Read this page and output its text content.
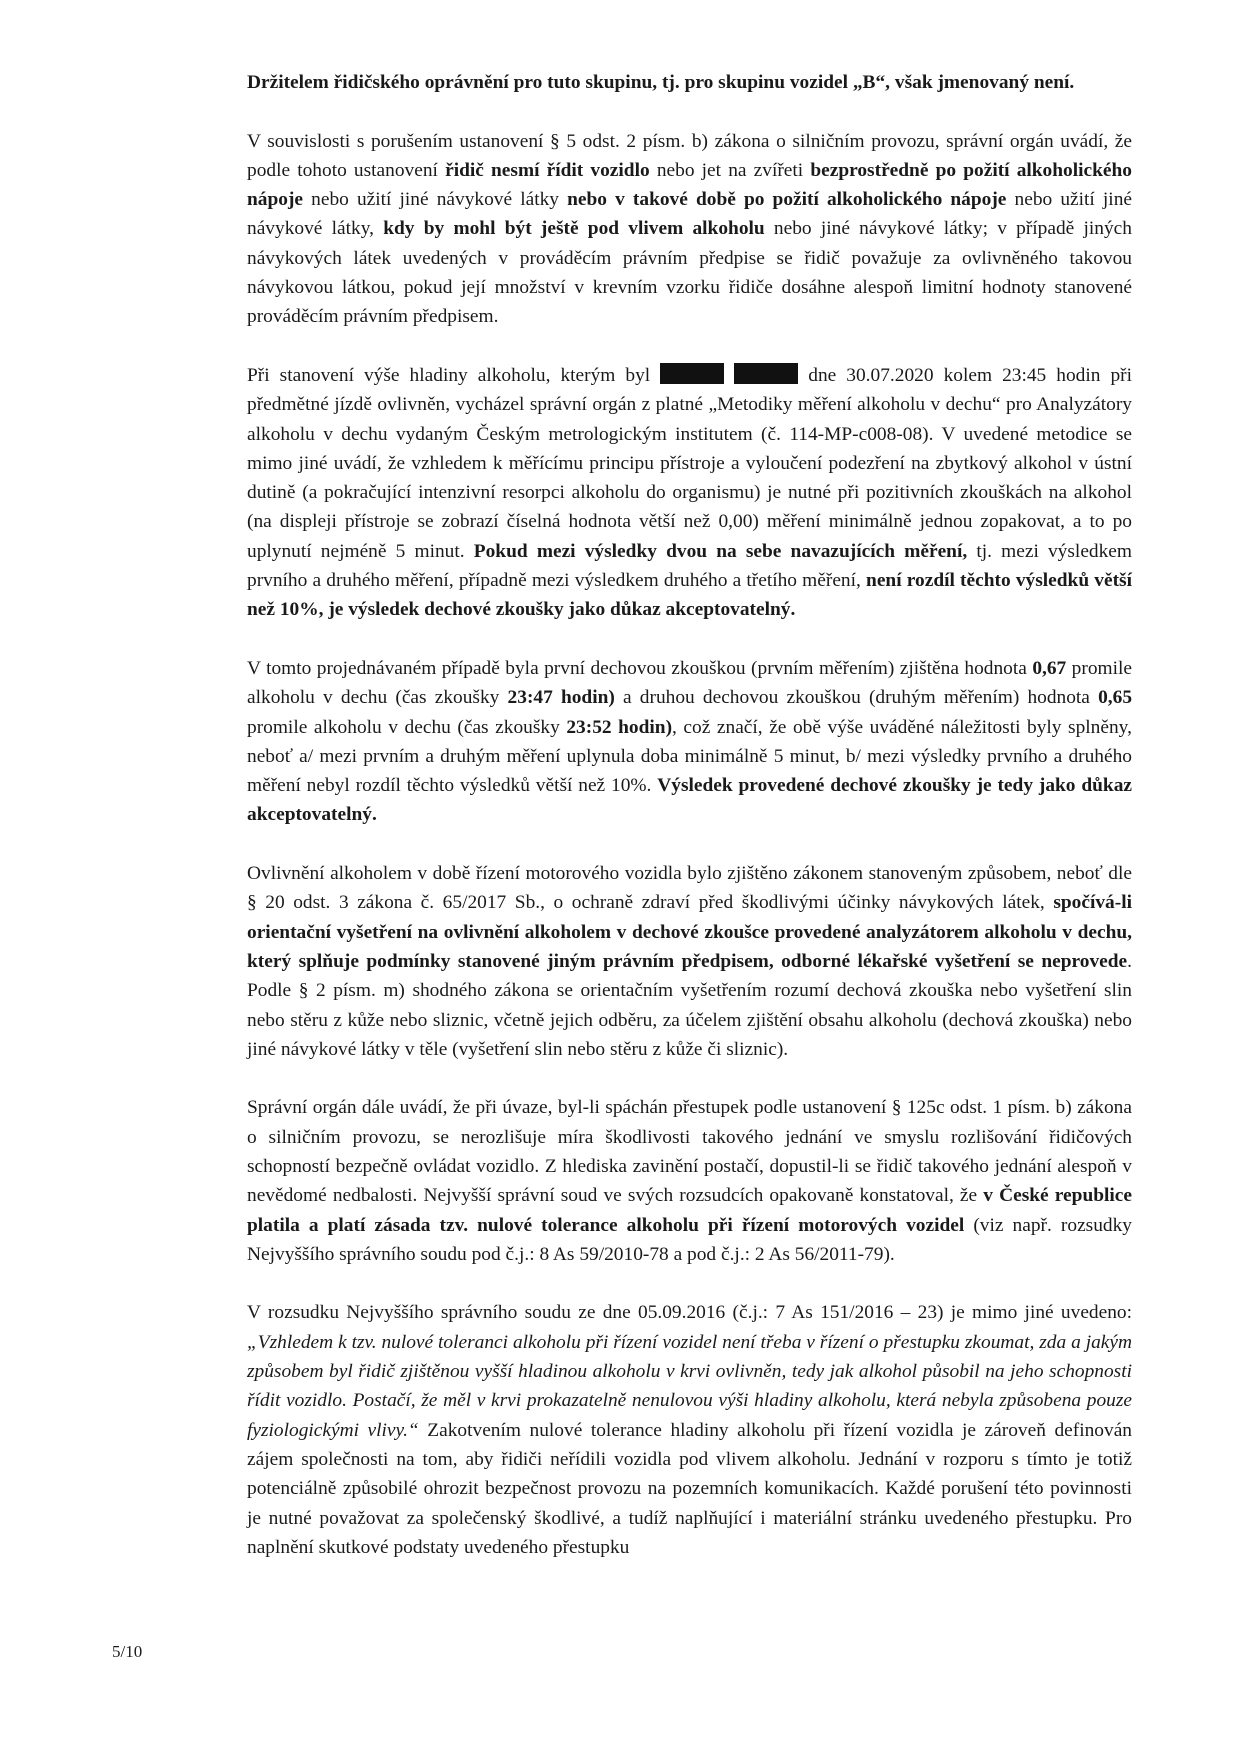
Držitelem řidičského oprávnění pro tuto skupinu, tj. pro skupinu vozidel „B“, však jmenovaný není.

V souvislosti s porušením ustanovení § 5 odst. 2 písm. b) zákona o silničním provozu, správní orgán uvádí, že podle tohoto ustanovení řidič nesmí řídit vozidlo nebo jet na zvířeti bezprostředně po požití alkoholického nápoje nebo užití jiné návykové látky nebo v takové době po požití alkoholického nápoje nebo užití jiné návykové látky, kdy by mohl být ještě pod vlivem alkoholu nebo jiné návykové látky; v případě jiných návykových látek uvedených v prováděcím právním předpise se řidič považuje za ovlivněného takovou návykovou látkou, pokud její množství v krevním vzorku řidiče dosáhne alespoň limitní hodnoty stanovené prováděcím právním předpisem.

Při stanovení výše hladiny alkoholu, kterým byl	dne 30.07.2020 kolem 23:45 hodin při předmětné jízdě ovlivněn, vycházel správní orgán z platné „Metodiky měření alkoholu v dechu“ pro Analyzátory alkoholu v dechu vydaným Českým metrologickým institutem (č. 114-MP-c008-08). V uvedené metodice se mimo jiné uvádí, že vzhledem k měřícímu principu přístroje a vyloučení podezření na zbytkový alkohol v ústní dutině (a pokračující intenzivní resorpci alkoholu do organismu) je nutné při pozitivních zkouškách na alkohol (na displeji přístroje se zobrazí číselná hodnota větší než 0,00) měření minimálně jednou zopakovat, a to po uplynutí nejméně 5 minut. Pokud mezi výsledky dvou na sebe navazujících měření, tj. mezi výsledkem prvního a druhého měření, případně mezi výsledkem druhého a třetího měření, není rozdíl těchto výsledků větší než 10%, je výsledek dechové zkoušky jako důkaz akceptovatelný.

V tomto projednávaném případě byla první dechovou zkouškou (prvním měřením) zjištěna hodnota 0,67 promile alkoholu v dechu (čas zkoušky 23:47 hodin) a druhou dechovou zkouškou (druhým měřením) hodnota 0,65 promile alkoholu v dechu (čas zkoušky 23:52 hodin), což značí, že obě výše uváděné náležitosti byly splněny, neboť a/ mezi prvním a druhým měření uplynula doba minimálně 5 minut, b/ mezi výsledky prvního a druhého měření nebyl rozdíl těchto výsledků větší než 10%. Výsledek provedené dechové zkoušky je tedy jako důkaz akceptovatelný.

Ovlivnění alkoholem v době řízení motorového vozidla bylo zjištěno zákonem stanoveným způsobem, neboť dle § 20 odst. 3 zákona č. 65/2017 Sb., o ochraně zdraví před škodlivými účinky návykových látek, spočívá-li orientační vyšetření na ovlivnění alkoholem v dechové zkoušce provedené analyzátorem alkoholu v dechu, který splňuje podmínky stanovené jiným právním předpisem, odborné lékařské vyšetření se neprovede. Podle § 2 písm. m) shodného zákona se orientačním vyšetřením rozumí dechová zkouška nebo vyšetření slin nebo stěru z kůže nebo sliznic, včetně jejich odběru, za účelem zjištění obsahu alkoholu (dechová zkouška) nebo jiné návykové látky v těle (vyšetření slin nebo stěru z kůže či sliznic).

Správní orgán dále uvádí, že při úvaze, byl-li spáchán přestupek podle ustanovení § 125c odst. 1 písm. b) zákona o silničním provozu, se nerozlišuje míra škodlivosti takového jednání ve smyslu rozlišování řidičových schopností bezpečně ovládat vozidlo. Z hlediska zavinění postačí, dopustil-li se řidič takového jednání alespoň v nevědomé nedbalosti. Nejvyšší správní soud ve svých rozsudcích opakovaně konstatoval, že v České republice platila a platí zásada tzv. nulové tolerance alkoholu při řízení motorových vozidel (viz např. rozsudky Nejvyššího správního soudu pod č.j.: 8 As 59/2010-78 a pod č.j.: 2 As 56/2011-79).

V rozsudku Nejvyššího správního soudu ze dne 05.09.2016 (č.j.: 7 As 151/2016 – 23) je mimo jiné uvedeno: „Vzhledem k tzv. nulové toleranci alkoholu při řízení vozidel není třeba v řízení o přestupku zkoumat, zda a jakým způsobem byl řidič zjištěnou vyšší hladinou alkoholu v krvi ovlivněn, tedy jak alkohol působil na jeho schopnosti řídit vozidlo. Postačí, že měl v krvi prokazatelně nenulovou výši hladiny alkoholu, která nebyla způsobena pouze fyziologickými vlivy.“ Zakotvením nulové tolerance hladiny alkoholu při řízení vozidla je zároveň definován zájem společnosti na tom, aby řidiči neřídili vozidla pod vlivem alkoholu. Jednání v rozporu s tímto je totiž potenciálně způsobilé ohrozit bezpečnost provozu na pozemních komunikacích. Každé porušení této povinnosti je nutné považovat za společenský škodlivé, a tudíž naplňující i materiální stránku uvedeného přestupku. Pro naplnění skutkové podstaty uvedeného přestupku

5/10
